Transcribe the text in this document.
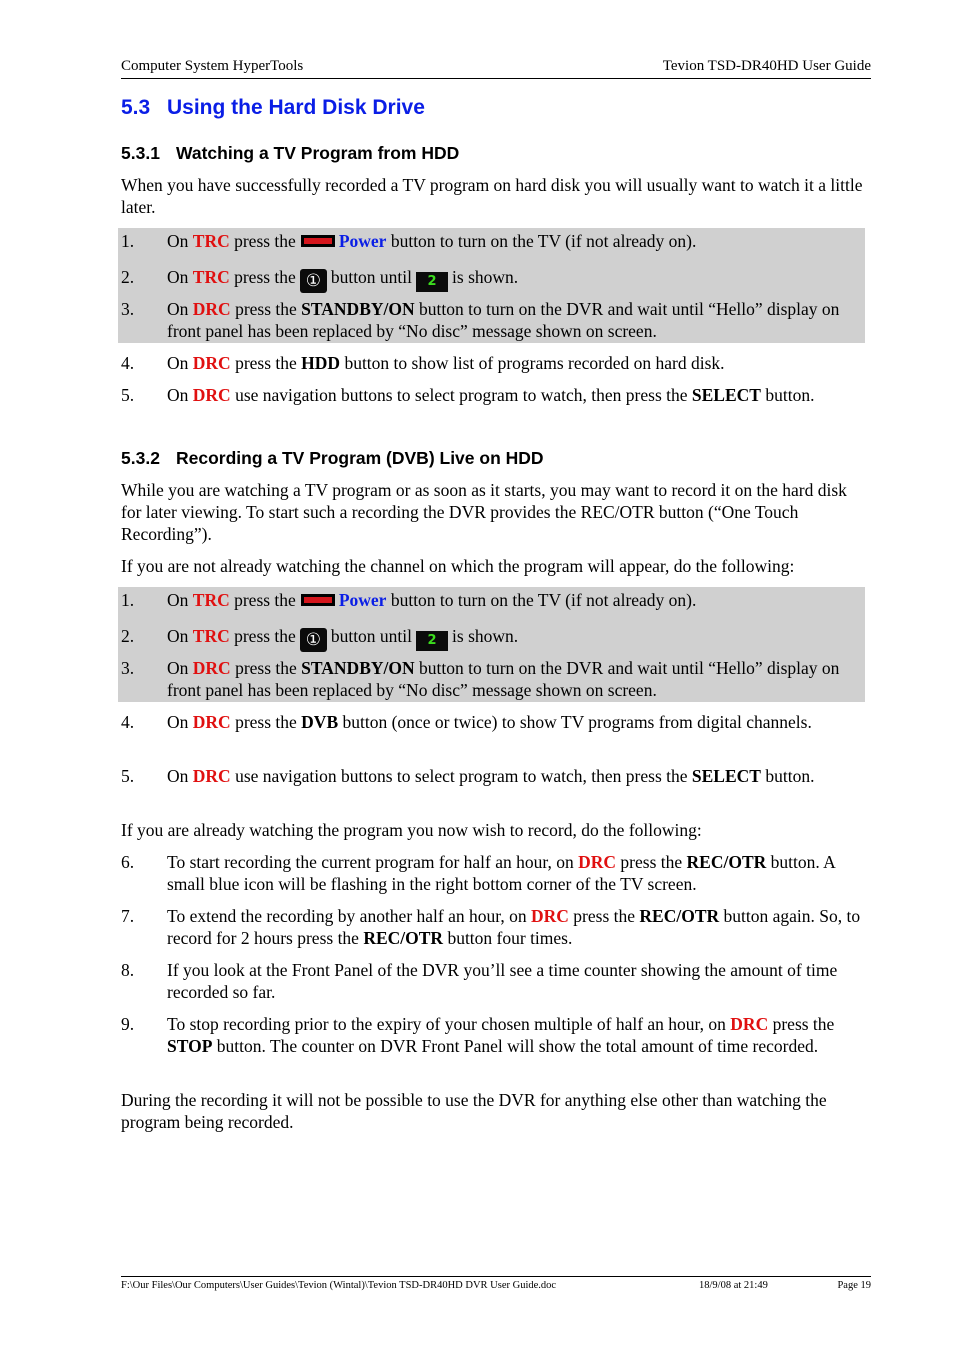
Computer System HyperTools	Tevion TSD-DR40HD User Guide
5.3 Using the Hard Disk Drive
5.3.1 Watching a TV Program from HDD

When you have successfully recorded a TV program on hard disk you will usually want to watch it a little later.

1. On TRC press the Power button to turn on the TV (if not already on).
2. On TRC press the ① button until 2 is shown.
3. On DRC press the STANDBY/ON button to turn on the DVR and wait until “Hello” display on front panel has been replaced by “No disc” message shown on screen.
4. On DRC press the HDD button to show list of programs recorded on hard disk.
5. On DRC use navigation buttons to select program to watch, then press the SELECT button.
5.3.2 Recording a TV Program (DVB) Live on HDD

While you are watching a TV program or as soon as it starts, you may want to record it on the hard disk for later viewing. To start such a recording the DVR provides the REC/OTR button (“One Touch Recording”).

If you are not already watching the channel on which the program will appear, do the following:

1. On TRC press the Power button to turn on the TV (if not already on).
2. On TRC press the ① button until 2 is shown.
3. On DRC press the STANDBY/ON button to turn on the DVR and wait until “Hello” display on front panel has been replaced by “No disc” message shown on screen.
4. On DRC press the DVB button (once or twice) to show TV programs from digital channels.
5. On DRC use navigation buttons to select program to watch, then press the SELECT button.

If you are already watching the program you now wish to record, do the following:

6. To start recording the current program for half an hour, on DRC press the REC/OTR button. A small blue icon will be flashing in the right bottom corner of the TV screen.
7. To extend the recording by another half an hour, on DRC press the REC/OTR button again. So, to record for 2 hours press the REC/OTR button four times.
8. If you look at the Front Panel of the DVR you’ll see a time counter showing the amount of time recorded so far.
9. To stop recording prior to the expiry of your chosen multiple of half an hour, on DRC press the STOP button. The counter on DVR Front Panel will show the total amount of time recorded.

During the recording it will not be possible to use the DVR for anything else other than watching the program being recorded.

F:\Our Files\Our Computers\User Guides\Tevion (Wintal)\Tevion TSD-DR40HD DVR User Guide.doc	18/9/08 at 21:49	Page 19
